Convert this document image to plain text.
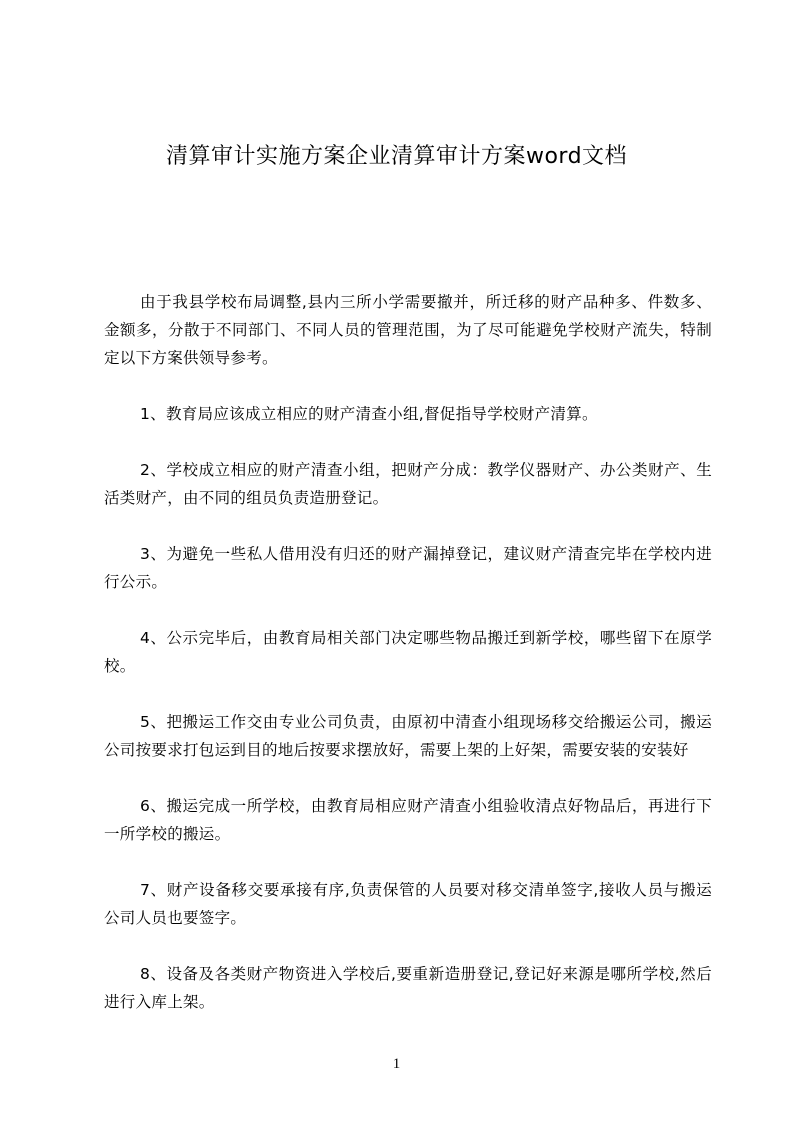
清算审计实施方案企业清算审计方案word文档

由于我县学校布局调整,县内三所小学需要撤并，所迁移的财产品种多、件数多、金额多，分散于不同部门、不同人员的管理范围，为了尽可能避免学校财产流失，特制定以下方案供领导参考。

1、教育局应该成立相应的财产清查小组,督促指导学校财产清算。

2、学校成立相应的财产清查小组，把财产分成：教学仪器财产、办公类财产、生活类财产，由不同的组员负责造册登记。

3、为避免一些私人借用没有归还的财产漏掉登记，建议财产清查完毕在学校内进行公示。

4、公示完毕后，由教育局相关部门决定哪些物品搬迁到新学校，哪些留下在原学校。

5、把搬运工作交由专业公司负责，由原初中清查小组现场移交给搬运公司，搬运公司按要求打包运到目的地后按要求摆放好，需要上架的上好架，需要安装的安装好

6、搬运完成一所学校，由教育局相应财产清查小组验收清点好物品后，再进行下一所学校的搬运。

7、财产设备移交要承接有序,负责保管的人员要对移交清单签字,接收人员与搬运公司人员也要签字。

8、设备及各类财产物资进入学校后,要重新造册登记,登记好来源是哪所学校,然后进行入库上架。

1
